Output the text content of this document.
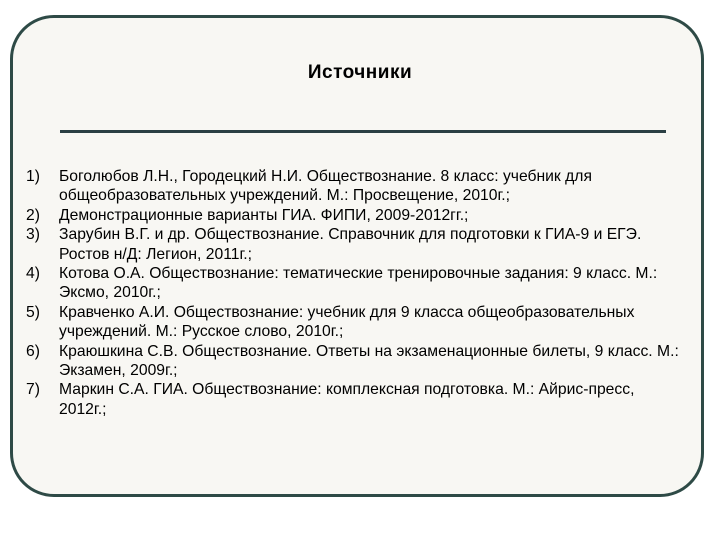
Источники
1)	Боголюбов Л.Н., Городецкий Н.И. Обществознание. 8 класс: учебник для общеобразовательных учреждений. М.: Просвещение, 2010г.;
2)	Демонстрационные варианты ГИА. ФИПИ, 2009-2012гг.;
3)	Зарубин В.Г. и др. Обществознание. Справочник для подготовки к ГИА-9 и ЕГЭ. Ростов н/Д: Легион, 2011г.;
4)	Котова О.А. Обществознание: тематические тренировочные задания: 9 класс. М.: Эксмо, 2010г.;
5)	Кравченко А.И. Обществознание: учебник для 9 класса общеобразовательных учреждений. М.: Русское слово, 2010г.;
6)	Краюшкина С.В. Обществознание. Ответы на экзаменационные билеты, 9 класс. М.: Экзамен, 2009г.;
7)	Маркин С.А. ГИА. Обществознание: комплексная подготовка. М.: Айрис-пресс, 2012г.;
